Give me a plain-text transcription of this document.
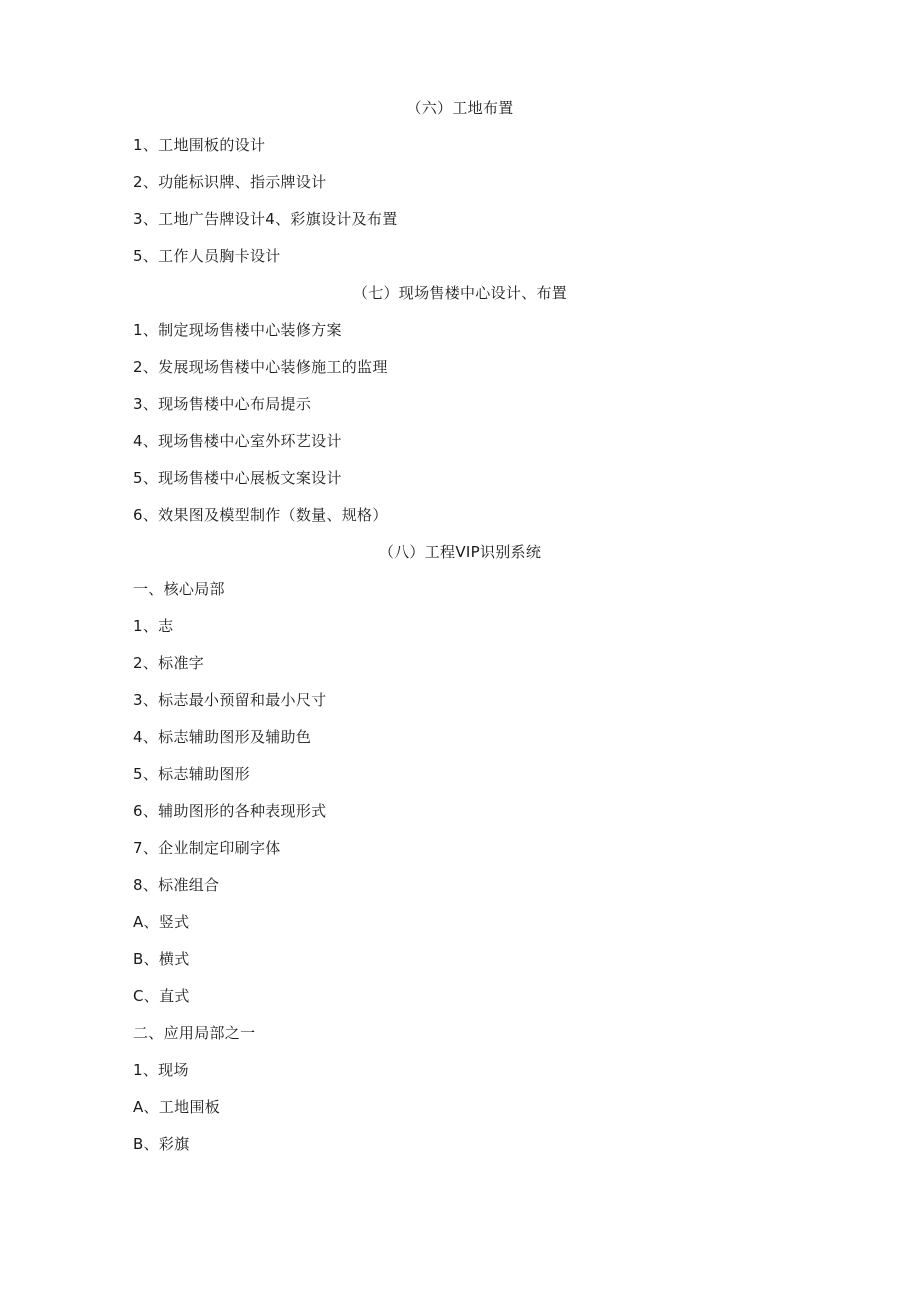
（六）工地布置
1、工地围板的设计
2、功能标识牌、指示牌设计
3、工地广告牌设计4、彩旗设计及布置
5、工作人员胸卡设计
（七）现场售楼中心设计、布置
1、制定现场售楼中心装修方案
2、发展现场售楼中心装修施工的监理
3、现场售楼中心布局提示
4、现场售楼中心室外环艺设计
5、现场售楼中心展板文案设计
6、效果图及模型制作（数量、规格）
（八）工程VIP识别系统
一、核心局部
1、志
2、标准字
3、标志最小预留和最小尺寸
4、标志辅助图形及辅助色
5、标志辅助图形
6、辅助图形的各种表现形式
7、企业制定印刷字体
8、标准组合
A、竖式
B、横式
C、直式
二、应用局部之一
1、现场
A、工地围板
B、彩旗
